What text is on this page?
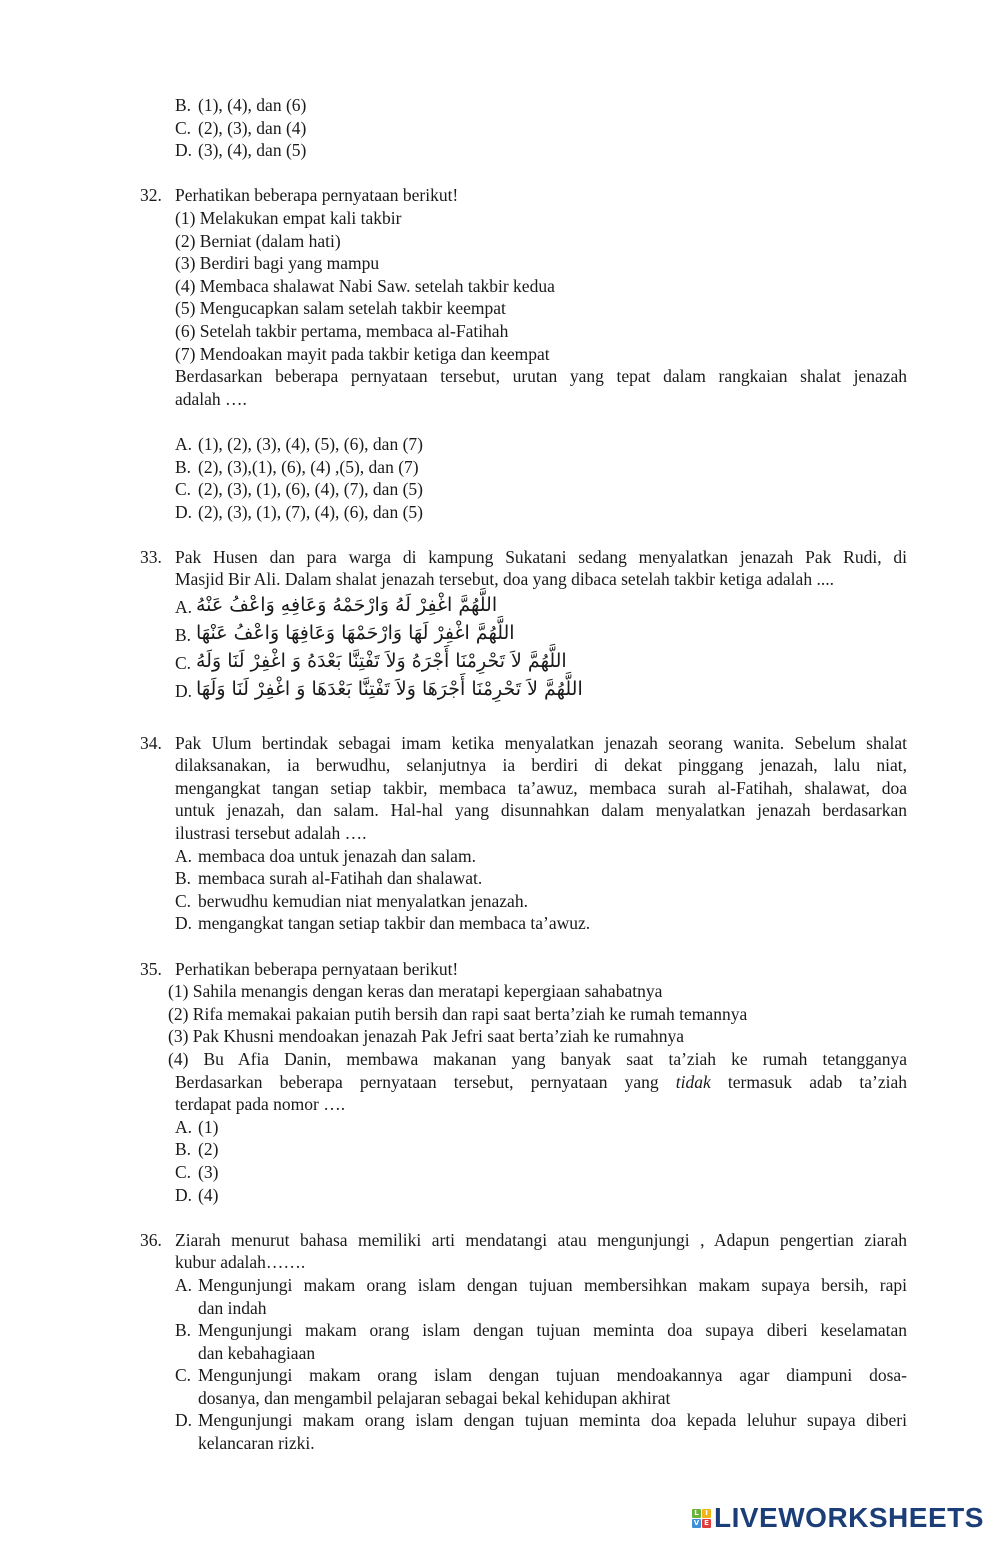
B. (1), (4), dan (6)
C. (2), (3), dan (4)
D. (3), (4), dan (5)
32. Perhatikan beberapa pernyataan berikut!
(1) Melakukan empat kali takbir
(2) Berniat (dalam hati)
(3) Berdiri bagi yang mampu
(4) Membaca shalawat Nabi Saw. setelah takbir kedua
(5) Mengucapkan salam setelah takbir keempat
(6) Setelah takbir pertama, membaca al-Fatihah
(7) Mendoakan mayit pada takbir ketiga dan keempat
Berdasarkan beberapa pernyataan tersebut, urutan yang tepat dalam rangkaian shalat jenazah
adalah ….
A. (1), (2), (3), (4), (5), (6), dan (7)
B. (2), (3),(1), (6), (4) ,(5), dan (7)
C. (2), (3), (1), (6), (4), (7), dan (5)
D. (2), (3), (1), (7), (4), (6), dan (5)
33. Pak Husen dan para warga di kampung Sukatani sedang menyalatkan jenazah Pak Rudi, di
Masjid Bir Ali. Dalam shalat jenazah tersebut, doa yang dibaca setelah takbir ketiga adalah ....
A. اللَّهُمَّ اغْفِرْ لَهُ وَارْحَمْهُ وَعَافِهِ وَاعْفُ عَنْهُ
B. اللَّهُمَّ اغْفِرْ لَهَا وَارْحَمْهَا وَعَافِهَا وَاعْفُ عَنْهَا
C. اللَّهُمَّ لاَ تَحْرِمْنَا أَجْرَهُ وَلاَ تَفْتِنَّا بَعْدَهُ وَ اغْفِرْ لَنَا وَلَهُ
D. اللَّهُمَّ لاَ تَحْرِمْنَا أَجْرَهَا وَلاَ تَفْتِنَّا بَعْدَهَا وَ اغْفِرْ لَنَا وَلَهَا
34. Pak Ulum bertindak sebagai imam ketika menyalatkan jenazah seorang wanita. Sebelum shalat
dilaksanakan, ia berwudhu, selanjutnya ia berdiri di dekat pinggang jenazah, lalu niat,
mengangkat tangan setiap takbir, membaca ta’awuz, membaca surah al-Fatihah, shalawat, doa
untuk jenazah, dan salam. Hal-hal yang disunnahkan dalam menyalatkan jenazah berdasarkan
ilustrasi tersebut adalah ….
A. membaca doa untuk jenazah dan salam.
B. membaca surah al-Fatihah dan shalawat.
C. berwudhu kemudian niat menyalatkan jenazah.
D. mengangkat tangan setiap takbir dan membaca ta’awuz.
35. Perhatikan beberapa pernyataan berikut!
(1) Sahila menangis dengan keras dan meratapi kepergiaan sahabatnya
(2) Rifa memakai pakaian putih bersih dan rapi saat berta’ziah ke rumah temannya
(3) Pak Khusni mendoakan jenazah Pak Jefri saat berta’ziah ke rumahnya
(4) Bu Afia Danin, membawa makanan yang banyak saat ta’ziah ke rumah tetangganya
Berdasarkan beberapa pernyataan tersebut, pernyataan yang tidak termasuk adab ta’ziah
terdapat pada nomor ….
A. (1)
B. (2)
C. (3)
D. (4)
36. Ziarah menurut bahasa memiliki arti mendatangi atau mengunjungi , Adapun pengertian ziarah
kubur adalah…….
A. Mengunjungi makam orang islam dengan tujuan membersihkan makam supaya bersih, rapi
dan indah
B. Mengunjungi makam orang islam dengan tujuan meminta doa supaya diberi keselamatan
dan kebahagiaan
C. Mengunjungi makam orang islam dengan tujuan mendoakannya agar diampuni dosa-
dosanya, dan mengambil pelajaran sebagai bekal kehidupan akhirat
D. Mengunjungi makam orang islam dengan tujuan meminta doa kepada leluhur supaya diberi
kelancaran rizki.
L I
V E LIVEWORKSHEETS
